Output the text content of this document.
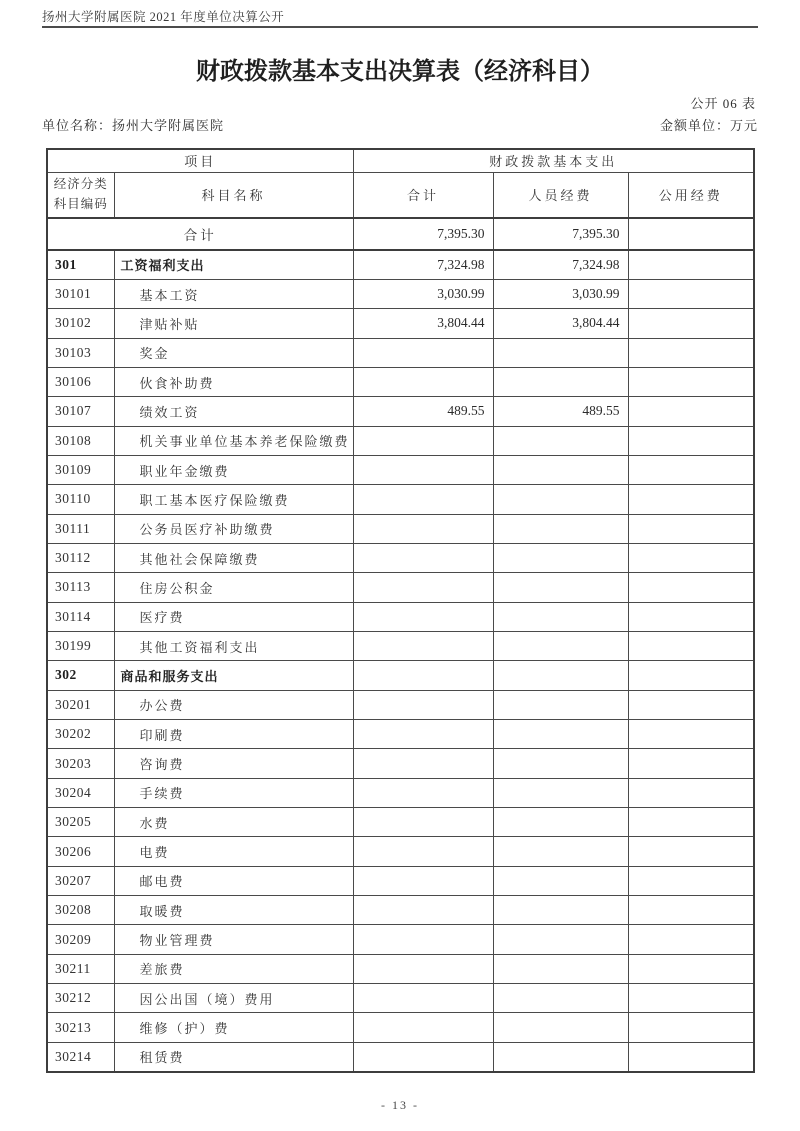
扬州大学附属医院 2021 年度单位决算公开
财政拨款基本支出决算表（经济科目）
公开 06 表
单位名称：扬州大学附属医院	金额单位：万元
项目		财政拨款基本支出		
经济分类
科目编码	科目名称	合计	人员经费	公用经费
合计		7,395.30	7,395.30	
301	工资福利支出	7,324.98	7,324.98	
30101	基本工资	3,030.99	3,030.99	
30102	津贴补贴	3,804.44	3,804.44	
30103	奖金			
30106	伙食补助费			
30107	绩效工资	489.55	489.55	
30108	机关事业单位基本养老保险缴费			
30109	职业年金缴费			
30110	职工基本医疗保险缴费			
30111	公务员医疗补助缴费			
30112	其他社会保障缴费			
30113	住房公积金			
30114	医疗费			
30199	其他工资福利支出			
302	商品和服务支出			
30201	办公费			
30202	印刷费			
30203	咨询费			
30204	手续费			
30205	水费			
30206	电费			
30207	邮电费			
30208	取暖费			
30209	物业管理费			
30211	差旅费			
30212	因公出国（境）费用			
30213	维修（护）费			
30214	租赁费			
- 13 -
